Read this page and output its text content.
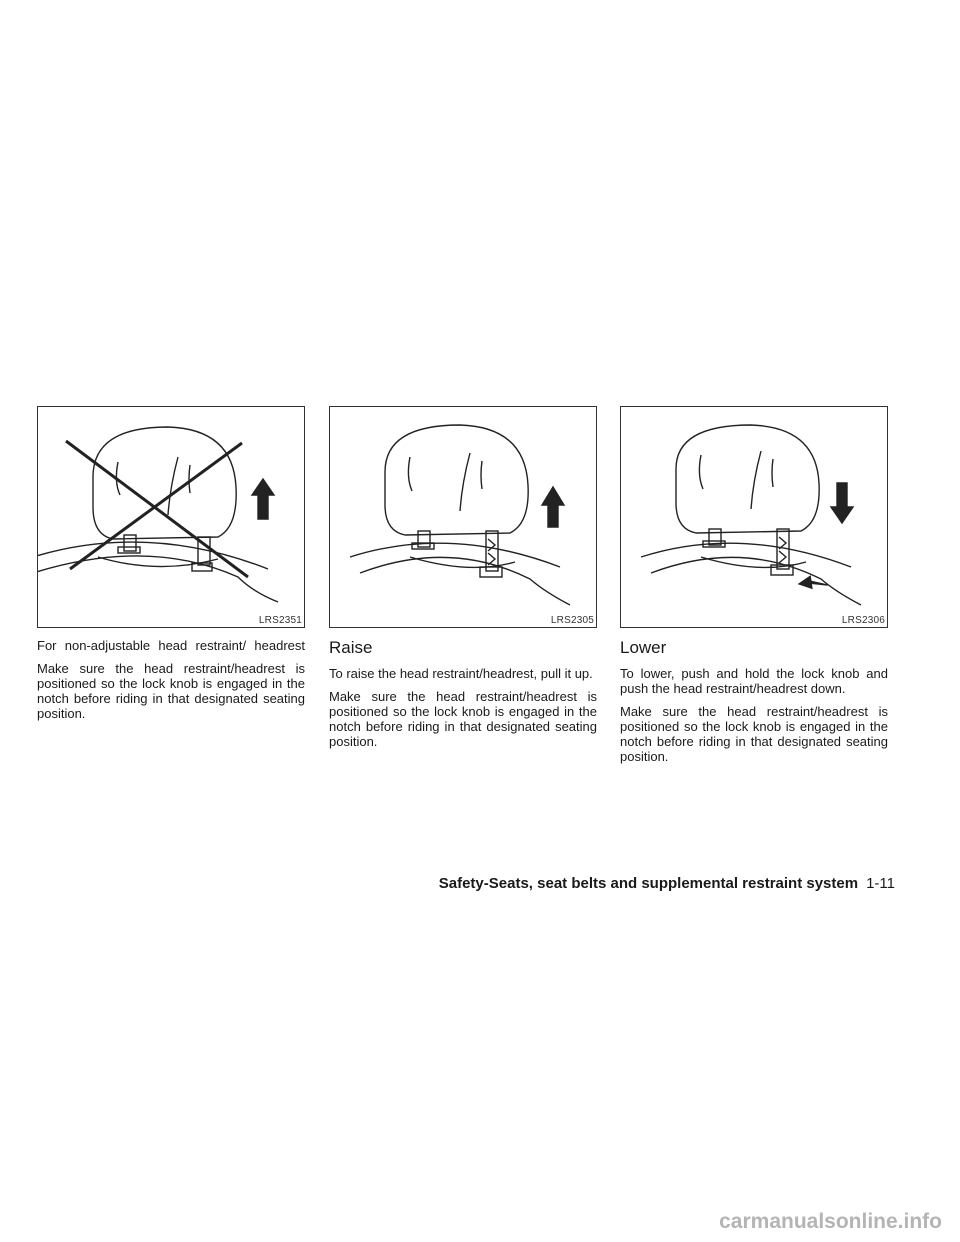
LRS2351

For non-adjustable head restraint/ headrest

Make sure the head restraint/headrest is positioned so the lock knob is engaged in the notch before riding in that designated seating position.

LRS2305
Raise

To raise the head restraint/headrest, pull it up.

Make sure the head restraint/headrest is positioned so the lock knob is engaged in the notch before riding in that designated seating position.

LRS2306
Lower

To lower, push and hold the lock knob and push the head restraint/headrest down.

Make sure the head restraint/headrest is positioned so the lock knob is engaged in the notch before riding in that designated seating position.

Safety-Seats, seat belts and supplemental restraint system 1-11
carmanualsonline.info
